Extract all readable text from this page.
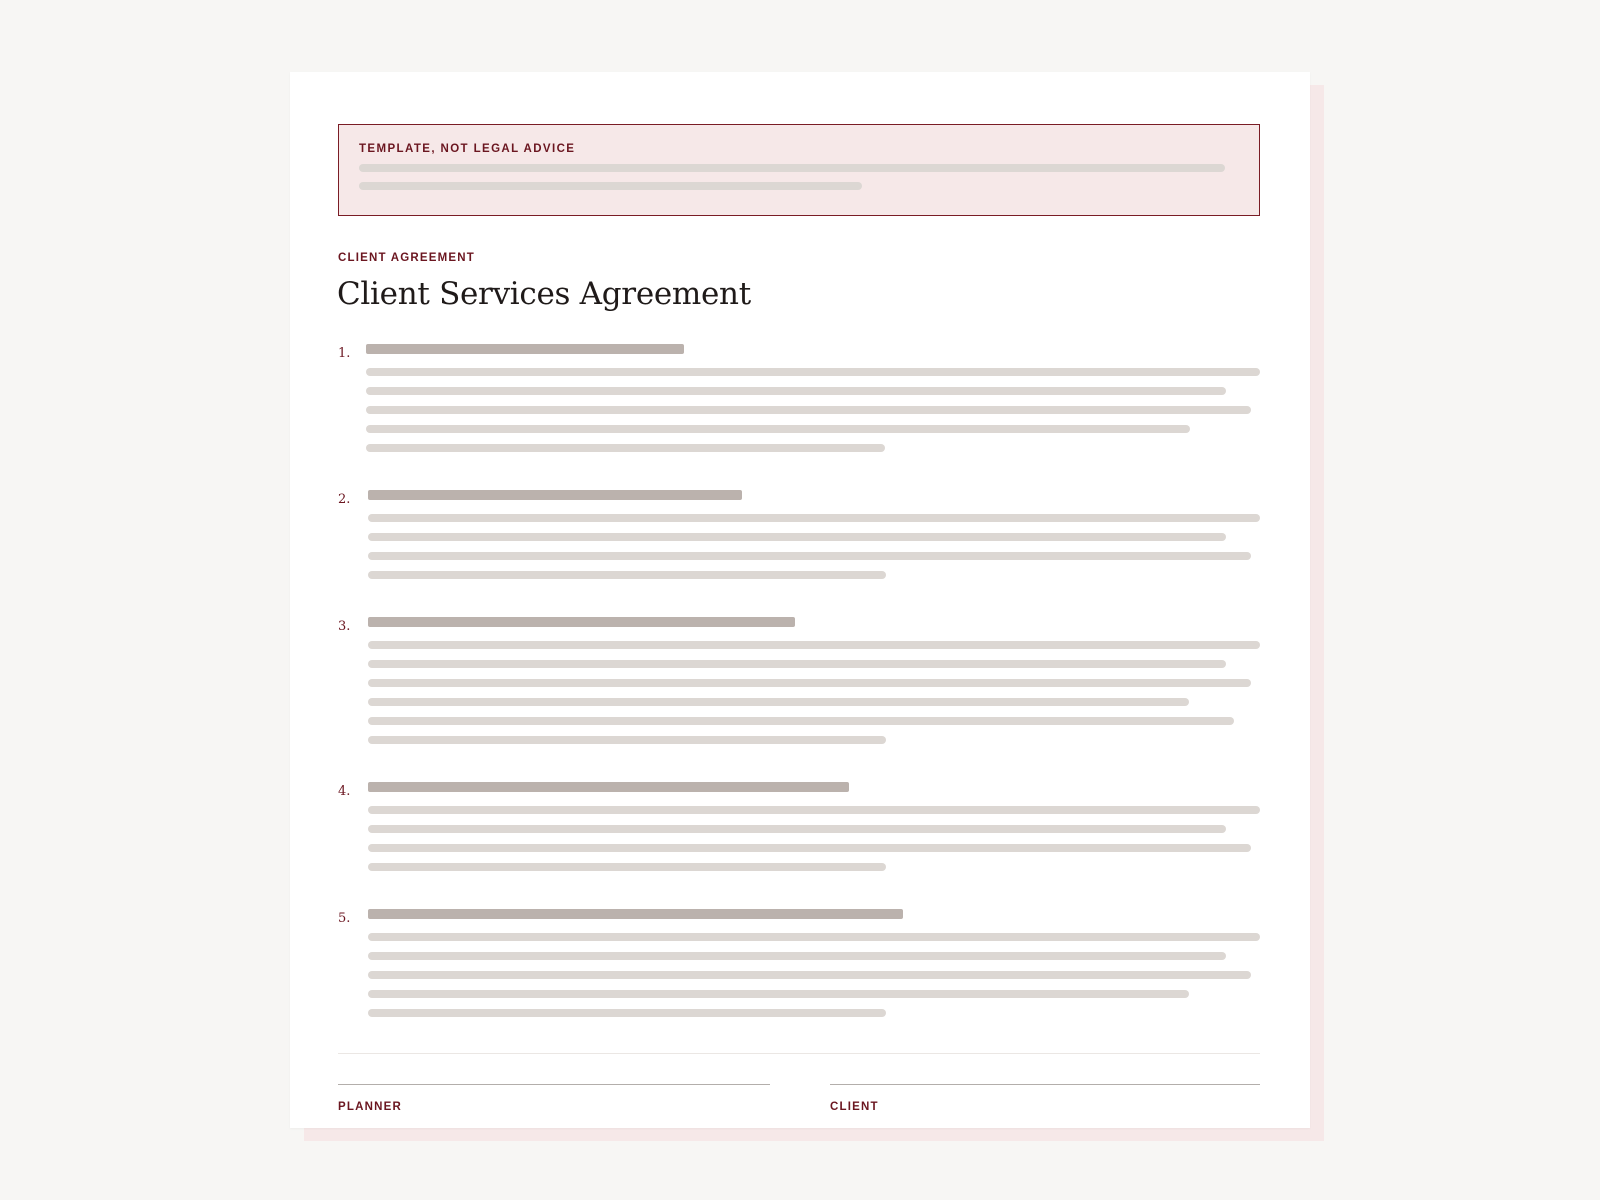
TEMPLATE, NOT LEGAL ADVICE
CLIENT AGREEMENT
Client Services Agreement
1.
2.
3.
4.
5.
PLANNER	CLIENT
